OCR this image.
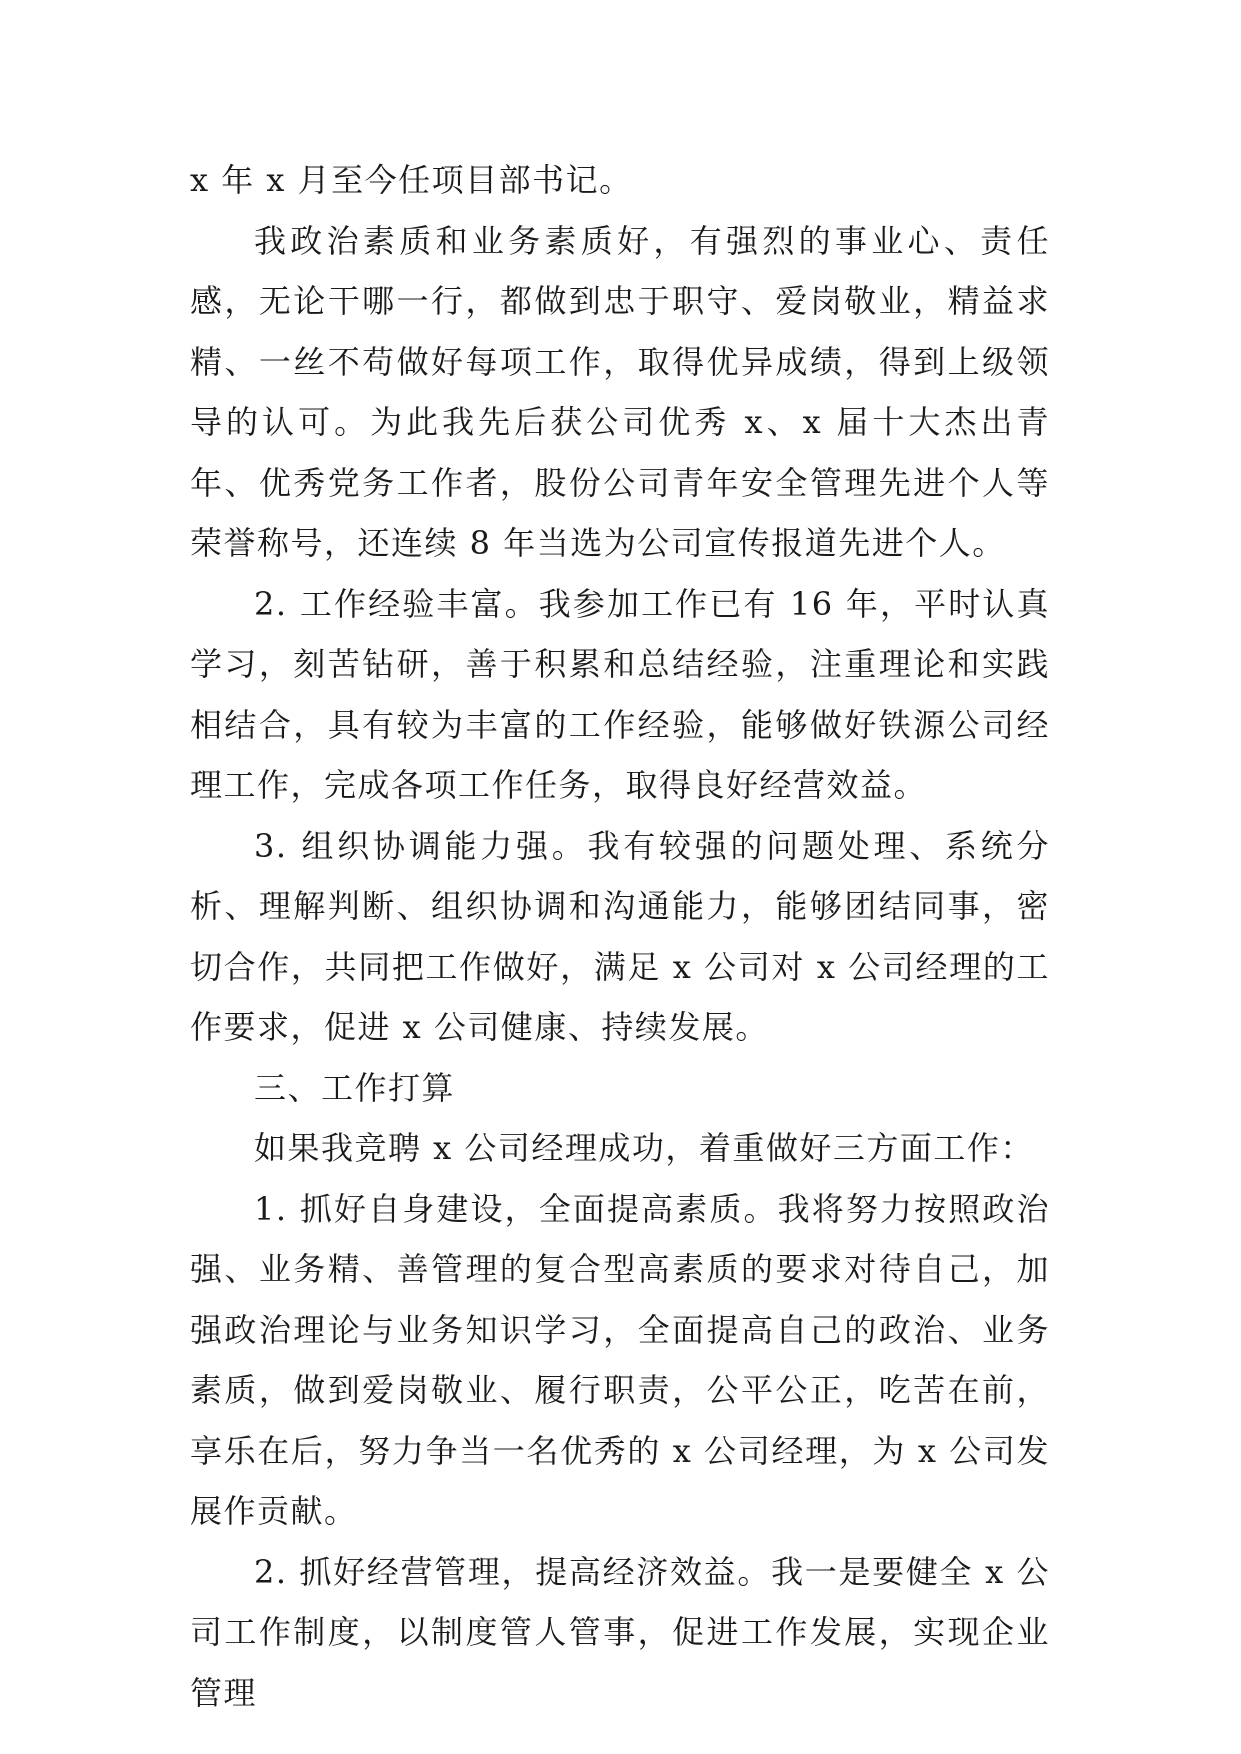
x 年 x 月至今任项目部书记。

我政治素质和业务素质好，有强烈的事业心、责任感，无论干哪一行，都做到忠于职守、爱岗敬业，精益求精、一丝不苟做好每项工作，取得优异成绩，得到上级领导的认可。为此我先后获公司优秀 x、x 届十大杰出青年、优秀党务工作者，股份公司青年安全管理先进个人等荣誉称号，还连续 8 年当选为公司宣传报道先进个人。

2. 工作经验丰富。我参加工作已有 16 年，平时认真学习，刻苦钻研，善于积累和总结经验，注重理论和实践相结合，具有较为丰富的工作经验，能够做好铁源公司经理工作，完成各项工作任务，取得良好经营效益。

3. 组织协调能力强。我有较强的问题处理、系统分析、理解判断、组织协调和沟通能力，能够团结同事，密切合作，共同把工作做好，满足 x 公司对 x 公司经理的工作要求，促进 x 公司健康、持续发展。

三、工作打算

如果我竞聘 x 公司经理成功，着重做好三方面工作：

1. 抓好自身建设，全面提高素质。我将努力按照政治强、业务精、善管理的复合型高素质的要求对待自己，加强政治理论与业务知识学习，全面提高自己的政治、业务素质，做到爱岗敬业、履行职责，公平公正，吃苦在前，享乐在后，努力争当一名优秀的 x 公司经理，为 x 公司发展作贡献。

2. 抓好经营管理，提高经济效益。我一是要健全 x 公司工作制度，以制度管人管事，促进工作发展，实现企业管理
